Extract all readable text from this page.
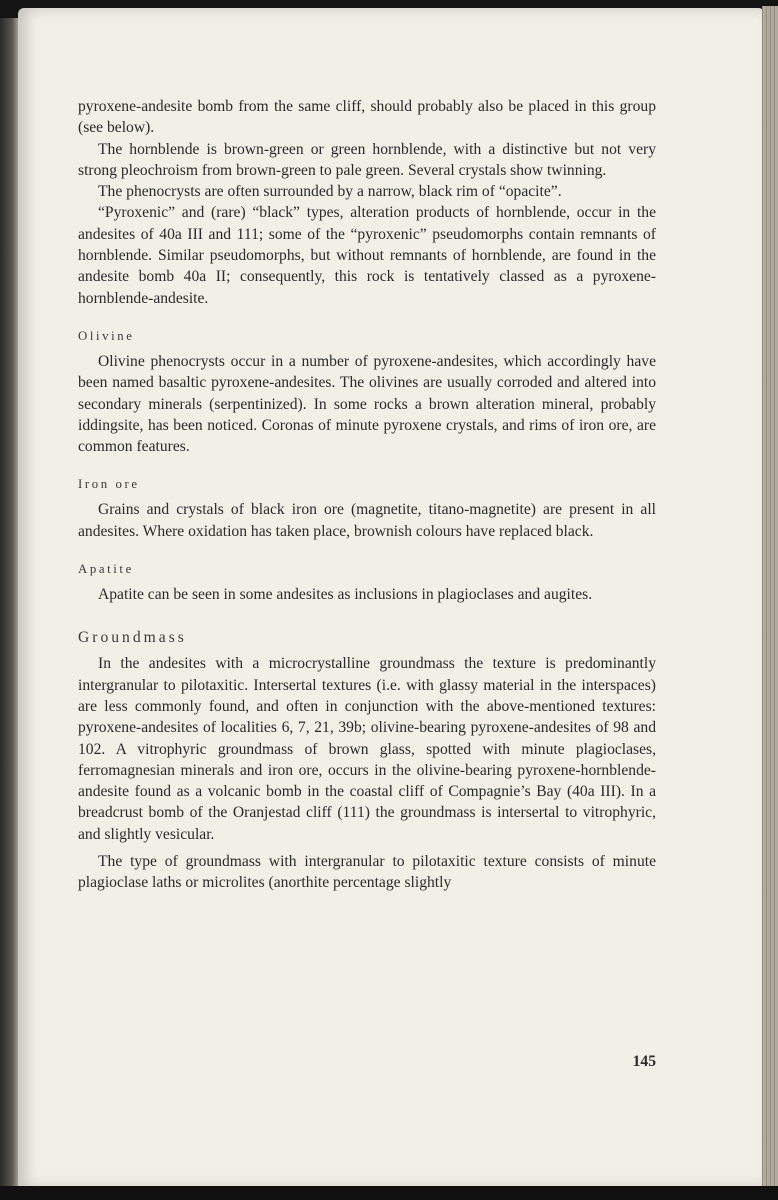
pyroxene-andesite bomb from the same cliff, should probably also be placed in this group (see below).

The hornblende is brown-green or green hornblende, with a distinctive but not very strong pleochroism from brown-green to pale green. Several crystals show twinning.

The phenocrysts are often surrounded by a narrow, black rim of “opacite”.

“Pyroxenic” and (rare) “black” types, alteration products of hornblende, occur in the andesites of 40a III and 111; some of the “pyroxenic” pseudomorphs contain remnants of hornblende. Similar pseudomorphs, but without remnants of hornblende, are found in the andesite bomb 40a II; consequently, this rock is tentatively classed as a pyroxene-hornblende-andesite.

Olivine

Olivine phenocrysts occur in a number of pyroxene-andesites, which accordingly have been named basaltic pyroxene-andesites. The olivines are usually corroded and altered into secondary minerals (serpentinized). In some rocks a brown alteration mineral, probably iddingsite, has been noticed. Coronas of minute pyroxene crystals, and rims of iron ore, are common features.

Iron ore

Grains and crystals of black iron ore (magnetite, titano-magnetite) are present in all andesites. Where oxidation has taken place, brownish colours have replaced black.

Apatite

Apatite can be seen in some andesites as inclusions in plagioclases and augites.

Groundmass

In the andesites with a microcrystalline groundmass the texture is predominantly intergranular to pilotaxitic. Intersertal textures (i.e. with glassy material in the interspaces) are less commonly found, and often in conjunction with the above-mentioned textures: pyroxene-andesites of localities 6, 7, 21, 39b; olivine-bearing pyroxene-andesites of 98 and 102. A vitrophyric groundmass of brown glass, spotted with minute plagioclases, ferromagnesian minerals and iron ore, occurs in the olivine-bearing pyroxene-hornblende-andesite found as a volcanic bomb in the coastal cliff of Compagnie’s Bay (40a III). In a breadcrust bomb of the Oranjestad cliff (111) the groundmass is intersertal to vitrophyric, and slightly vesicular.

The type of groundmass with intergranular to pilotaxitic texture consists of minute plagioclase laths or microlites (anorthite percentage slightly

145
